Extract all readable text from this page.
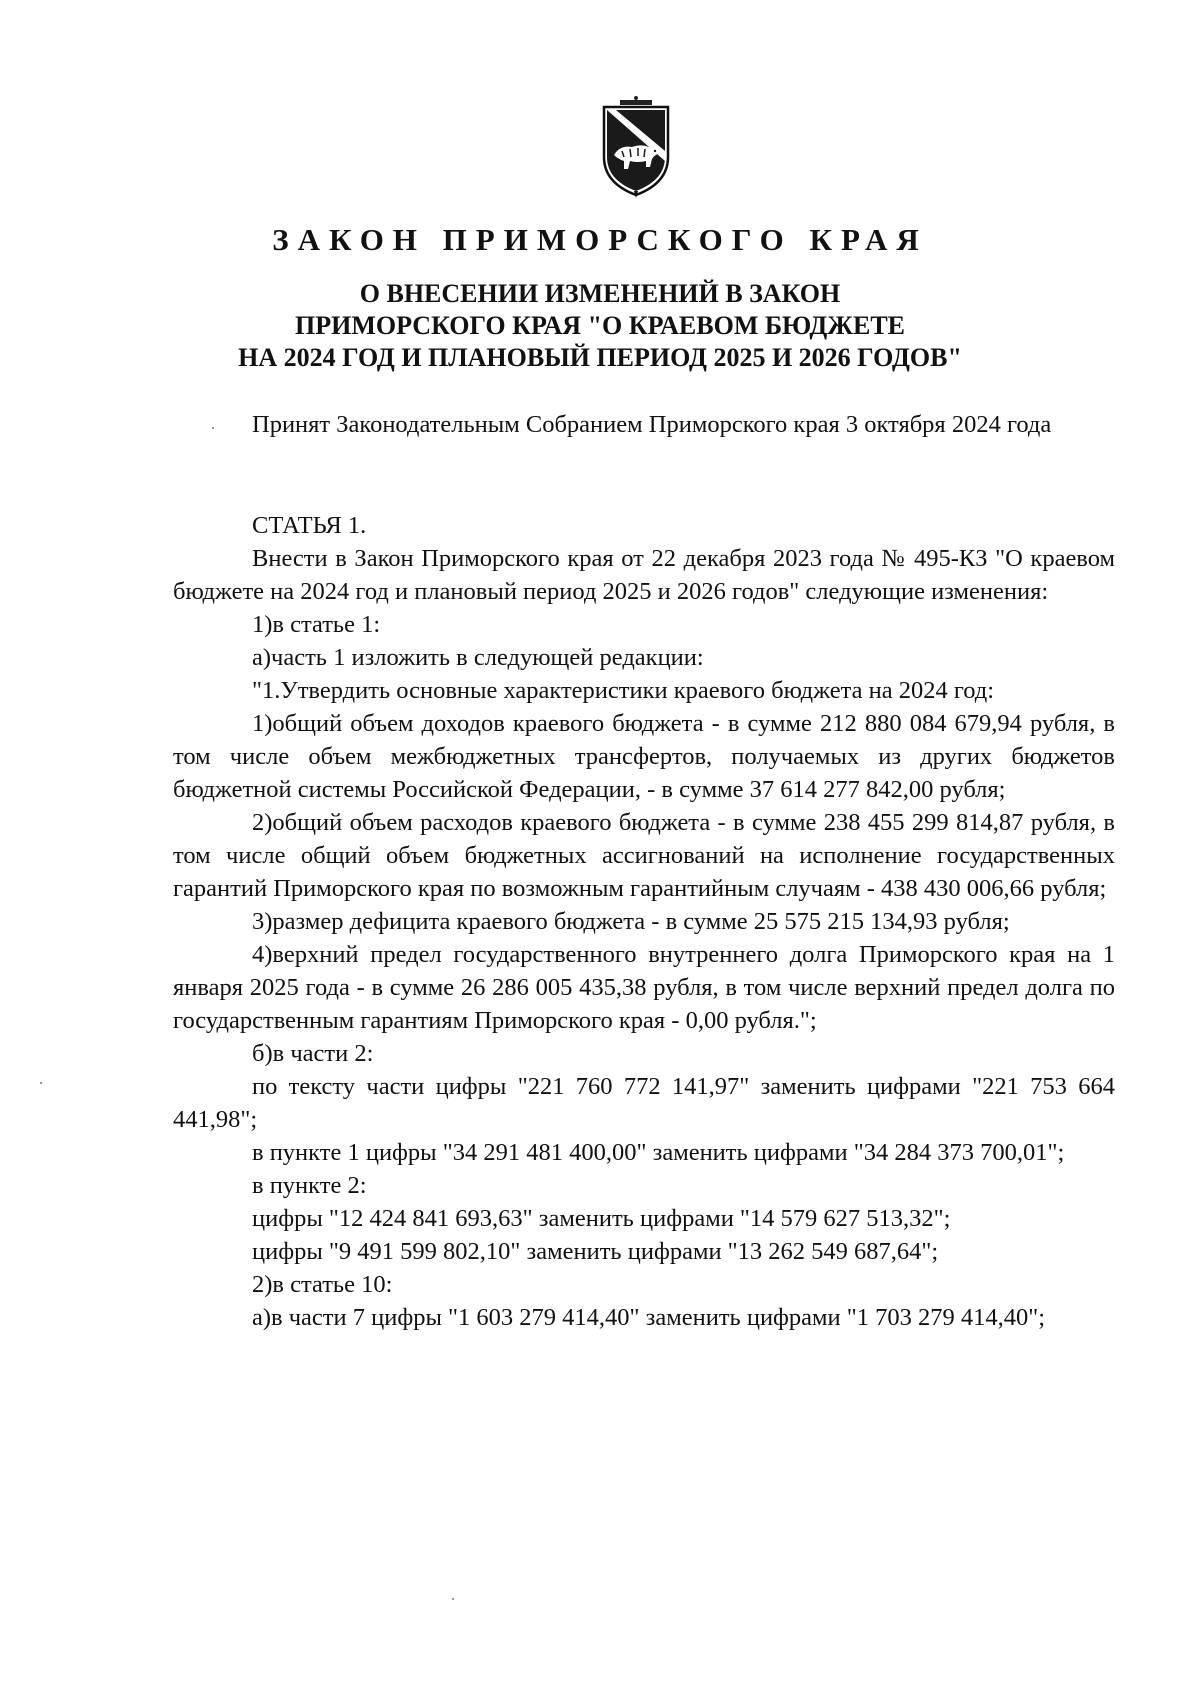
ЗАКОН ПРИМОРСКОГО КРАЯ
О ВНЕСЕНИИ ИЗМЕНЕНИЙ В ЗАКОН
ПРИМОРСКОГО КРАЯ "О КРАЕВОМ БЮДЖЕТЕ
НА 2024 ГОД И ПЛАНОВЫЙ ПЕРИОД 2025 И 2026 ГОДОВ"

Принят Законодательным Собранием Приморского края 3 октября 2024 года

СТАТЬЯ 1.

Внести в Закон Приморского края от 22 декабря 2023 года № 495-КЗ "О краевом бюджете на 2024 год и плановый период 2025 и 2026 годов" следующие изменения:

1)в статье 1:

а)часть 1 изложить в следующей редакции:

"1.Утвердить основные характеристики краевого бюджета на 2024 год:

1)общий объем доходов краевого бюджета - в сумме 212 880 084 679,94 рубля, в том числе объем межбюджетных трансфертов, получаемых из других бюджетов бюджетной системы Российской Федерации, - в сумме 37 614 277 842,00 рубля;

2)общий объем расходов краевого бюджета - в сумме 238 455 299 814,87 рубля, в том числе общий объем бюджетных ассигнований на исполнение государственных гарантий Приморского края по возможным гарантийным случаям - 438 430 006,66 рубля;

3)размер дефицита краевого бюджета - в сумме 25 575 215 134,93 рубля;

4)верхний предел государственного внутреннего долга Приморского края на 1 января 2025 года - в сумме 26 286 005 435,38 рубля, в том числе верхний предел долга по государственным гарантиям Приморского края - 0,00 рубля.";

б)в части 2:

по тексту части цифры "221 760 772 141,97" заменить цифрами "221 753 664 441,98";

в пункте 1 цифры "34 291 481 400,00" заменить цифрами "34 284 373 700,01";

в пункте 2:

цифры "12 424 841 693,63" заменить цифрами "14 579 627 513,32";

цифры "9 491 599 802,10" заменить цифрами "13 262 549 687,64";

2)в статье 10:

а)в части 7 цифры "1 603 279 414,40" заменить цифрами "1 703 279 414,40";
